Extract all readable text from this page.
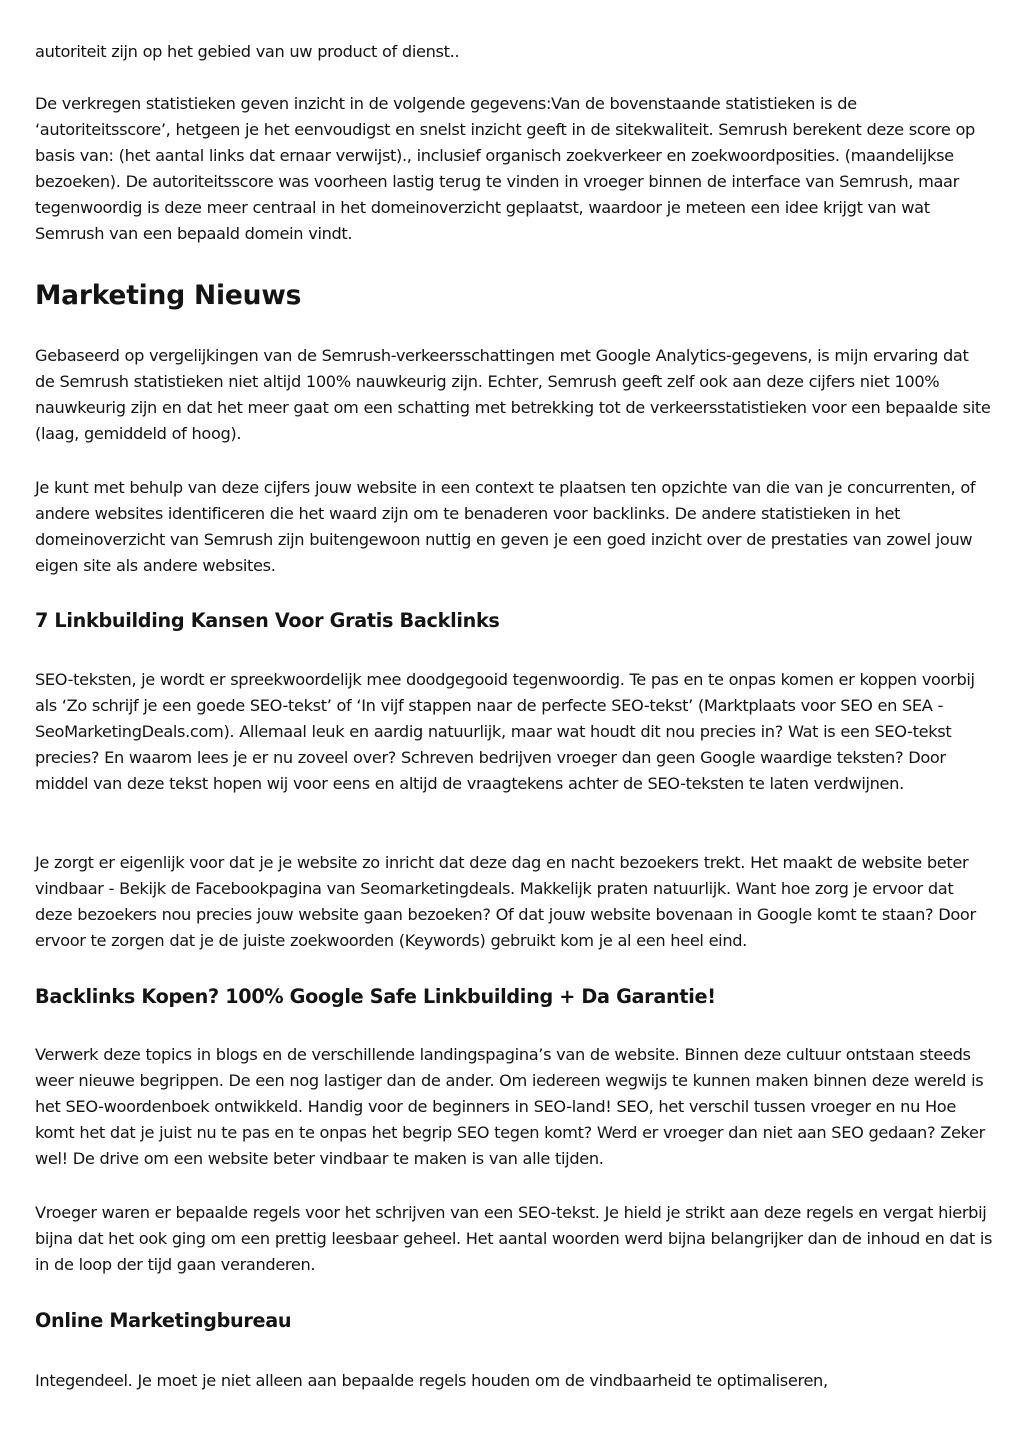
autoriteit zijn op het gebied van uw product of dienst..

De verkregen statistieken geven inzicht in de volgende gegevens:Van de bovenstaande statistieken is de ‘autoriteitsscore’, hetgeen je het eenvoudigst en snelst inzicht geeft in de sitekwaliteit. Semrush berekent deze score op basis van: (het aantal links dat ernaar verwijst)., inclusief organisch zoekverkeer en zoekwoordposities. (maandelijkse bezoeken). De autoriteitsscore was voorheen lastig terug te vinden in vroeger binnen de interface van Semrush, maar tegenwoordig is deze meer centraal in het domeinoverzicht geplaatst, waardoor je meteen een idee krijgt van wat Semrush van een bepaald domein vindt.

Marketing Nieuws

Gebaseerd op vergelijkingen van de Semrush-verkeersschattingen met Google Analytics-gegevens, is mijn ervaring dat de Semrush statistieken niet altijd 100% nauwkeurig zijn. Echter, Semrush geeft zelf ook aan deze cijfers niet 100% nauwkeurig zijn en dat het meer gaat om een schatting met betrekking tot de verkeersstatistieken voor een bepaalde site (laag, gemiddeld of hoog).

Je kunt met behulp van deze cijfers jouw website in een context te plaatsen ten opzichte van die van je concurrenten, of andere websites identificeren die het waard zijn om te benaderen voor backlinks. De andere statistieken in het domeinoverzicht van Semrush zijn buitengewoon nuttig en geven je een goed inzicht over de prestaties van zowel jouw eigen site als andere websites.

7 Linkbuilding Kansen Voor Gratis Backlinks

SEO-teksten, je wordt er spreekwoordelijk mee doodgegooid tegenwoordig. Te pas en te onpas komen er koppen voorbij als ‘Zo schrijf je een goede SEO-tekst’ of ‘In vijf stappen naar de perfecte SEO-tekst’ (Marktplaats voor SEO en SEA - SeoMarketingDeals.com). Allemaal leuk en aardig natuurlijk, maar wat houdt dit nou precies in? Wat is een SEO-tekst precies? En waarom lees je er nu zoveel over? Schreven bedrijven vroeger dan geen Google waardige teksten? Door middel van deze tekst hopen wij voor eens en altijd de vraagtekens achter de SEO-teksten te laten verdwijnen.

Je zorgt er eigenlijk voor dat je je website zo inricht dat deze dag en nacht bezoekers trekt. Het maakt de website beter vindbaar - Bekijk de Facebookpagina van Seomarketingdeals. Makkelijk praten natuurlijk. Want hoe zorg je ervoor dat deze bezoekers nou precies jouw website gaan bezoeken? Of dat jouw website bovenaan in Google komt te staan? Door ervoor te zorgen dat je de juiste zoekwoorden (Keywords) gebruikt kom je al een heel eind.

Backlinks Kopen? 100% Google Safe Linkbuilding + Da Garantie!

Verwerk deze topics in blogs en de verschillende landingspagina’s van de website. Binnen deze cultuur ontstaan steeds weer nieuwe begrippen. De een nog lastiger dan de ander. Om iedereen wegwijs te kunnen maken binnen deze wereld is het SEO-woordenboek ontwikkeld. Handig voor de beginners in SEO-land! SEO, het verschil tussen vroeger en nu Hoe komt het dat je juist nu te pas en te onpas het begrip SEO tegen komt? Werd er vroeger dan niet aan SEO gedaan? Zeker wel! De drive om een website beter vindbaar te maken is van alle tijden.

Vroeger waren er bepaalde regels voor het schrijven van een SEO-tekst. Je hield je strikt aan deze regels en vergat hierbij bijna dat het ook ging om een prettig leesbaar geheel. Het aantal woorden werd bijna belangrijker dan de inhoud en dat is in de loop der tijd gaan veranderen.

Online Marketingbureau

Integendeel. Je moet je niet alleen aan bepaalde regels houden om de vindbaarheid te optimaliseren,
